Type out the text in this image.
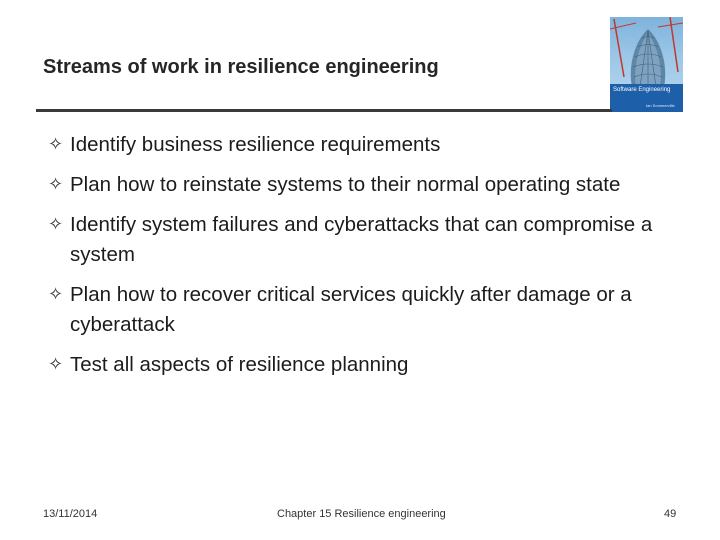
Streams of work in resilience engineering
Software Engineering
Ian Sommerville
✧ Identify business resilience requirements
✧ Plan how to reinstate systems to their normal operating state
✧ Identify system failures and cyberattacks that can compromise a system
✧ Plan how to recover critical services quickly after damage or a cyberattack
✧ Test all aspects of resilience planning
13/11/2014	Chapter 15 Resilience engineering	49
